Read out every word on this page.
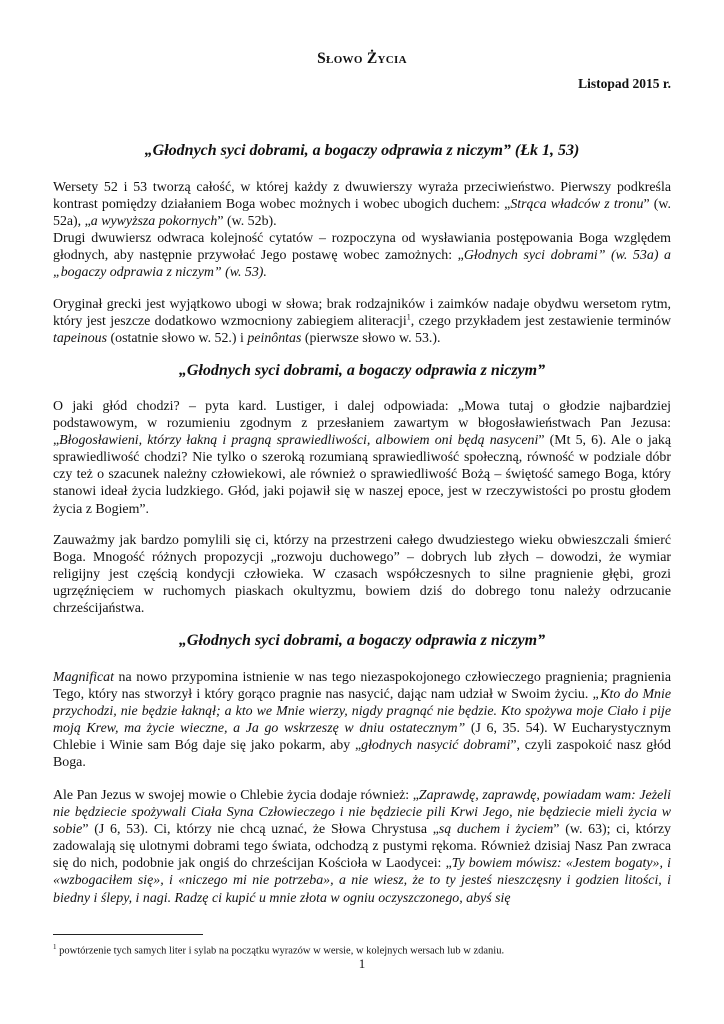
Słowo Życia
Listopad 2015 r.
„Głodnych syci dobrami, a bogaczy odprawia z niczym” (Łk 1, 53)
Wersety 52 i 53 tworzą całość, w której każdy z dwuwierszy wyraża przeciwieństwo. Pierwszy podkreśla kontrast pomiędzy działaniem Boga wobec możnych i wobec ubogich duchem: „Strąca władców z tronu” (w. 52a), „a wywyższa pokornych” (w. 52b).
Drugi dwuwiersz odwraca kolejność cytatów – rozpoczyna od wysławiania postępowania Boga względem głodnych, aby następnie przywołać Jego postawę wobec zamożnych: „Głodnych syci dobrami” (w. 53a) a „bogaczy odprawia z niczym” (w. 53).
Oryginał grecki jest wyjątkowo ubogi w słowa; brak rodzajników i zaimków nadaje obydwu wersetom rytm, który jest jeszcze dodatkowo wzmocniony zabiegiem aliteracji$^1$, czego przykładem jest zestawienie terminów tapeinous (ostatnie słowo w. 52.) i peinôntas (pierwsze słowo w. 53.).
„Głodnych syci dobrami, a bogaczy odprawia z niczym”
O jaki głód chodzi? – pyta kard. Lustiger, i dalej odpowiada: „Mowa tutaj o głodzie najbardziej podstawowym, w rozumieniu zgodnym z przesłaniem zawartym w błogosławieństwach Pan Jezusa: „Błogosławieni, którzy łakną i pragną sprawiedliwości, albowiem oni będą nasyceni” (Mt 5, 6). Ale o jaką sprawiedliwość chodzi? Nie tylko o szeroką rozumianą sprawiedliwość społeczną, równość w podziale dóbr czy też o szacunek należny człowiekowi, ale również o sprawiedliwość Bożą – świętość samego Boga, który stanowi ideał życia ludzkiego. Głód, jaki pojawił się w naszej epoce, jest w rzeczywistości po prostu głodem życia z Bogiem”.
Zauważmy jak bardzo pomylili się ci, którzy na przestrzeni całego dwudziestego wieku obwieszczali śmierć Boga. Mnogość różnych propozycji „rozwoju duchowego” – dobrych lub złych – dowodzi, że wymiar religijny jest częścią kondycji człowieka. W czasach współczesnych to silne pragnienie głębi, grozi ugrzęźnięciem w ruchomych piaskach okultyzmu, bowiem dziś do dobrego tonu należy odrzucanie chrześcijaństwa.
„Głodnych syci dobrami, a bogaczy odprawia z niczym”
Magnificat na nowo przypomina istnienie w nas tego niezaspokojonego człowieczego pragnienia; pragnienia Tego, który nas stworzył i który gorąco pragnie nas nasycić, dając nam udział w Swoim życiu. „Kto do Mnie przychodzi, nie będzie łaknął; a kto we Mnie wierzy, nigdy pragnąć nie będzie. Kto spożywa moje Ciało i pije moją Krew, ma życie wieczne, a Ja go wskrzeszę w dniu ostatecznym” (J 6, 35. 54). W Eucharystycznym Chlebie i Winie sam Bóg daje się jako pokarm, aby „głodnych nasycić dobrami”, czyli zaspokoić nasz głód Boga.
Ale Pan Jezus w swojej mowie o Chlebie życia dodaje również: „Zaprawdę, zaprawdę, powiadam wam: Jeżeli nie będziecie spożywali Ciała Syna Człowieczego i nie będziecie pili Krwi Jego, nie będziecie mieli życia w sobie” (J 6, 53). Ci, którzy nie chcą uznać, że Słowa Chrystusa „są duchem i życiem” (w. 63); ci, którzy zadowalają się ulotnymi dobrami tego świata, odchodzą z pustymi rękoma. Również dzisiaj Nasz Pan zwraca się do nich, podobnie jak ongiś do chrześcijan Kościoła w Laodycei: „Ty bowiem mówisz: «Jestem bogaty», i «wzbogaciłem się», i «niczego mi nie potrzeba», a nie wiesz, że to ty jesteś nieszczęsny i godzien litości, i biedny i ślepy, i nagi. Radzę ci kupić u mnie złota w ogniu oczyszczonego, abyś się
$^1$ powtórzenie tych samych liter i sylab na początku wyrazów w wersie, w kolejnych wersach lub w zdaniu.
1
